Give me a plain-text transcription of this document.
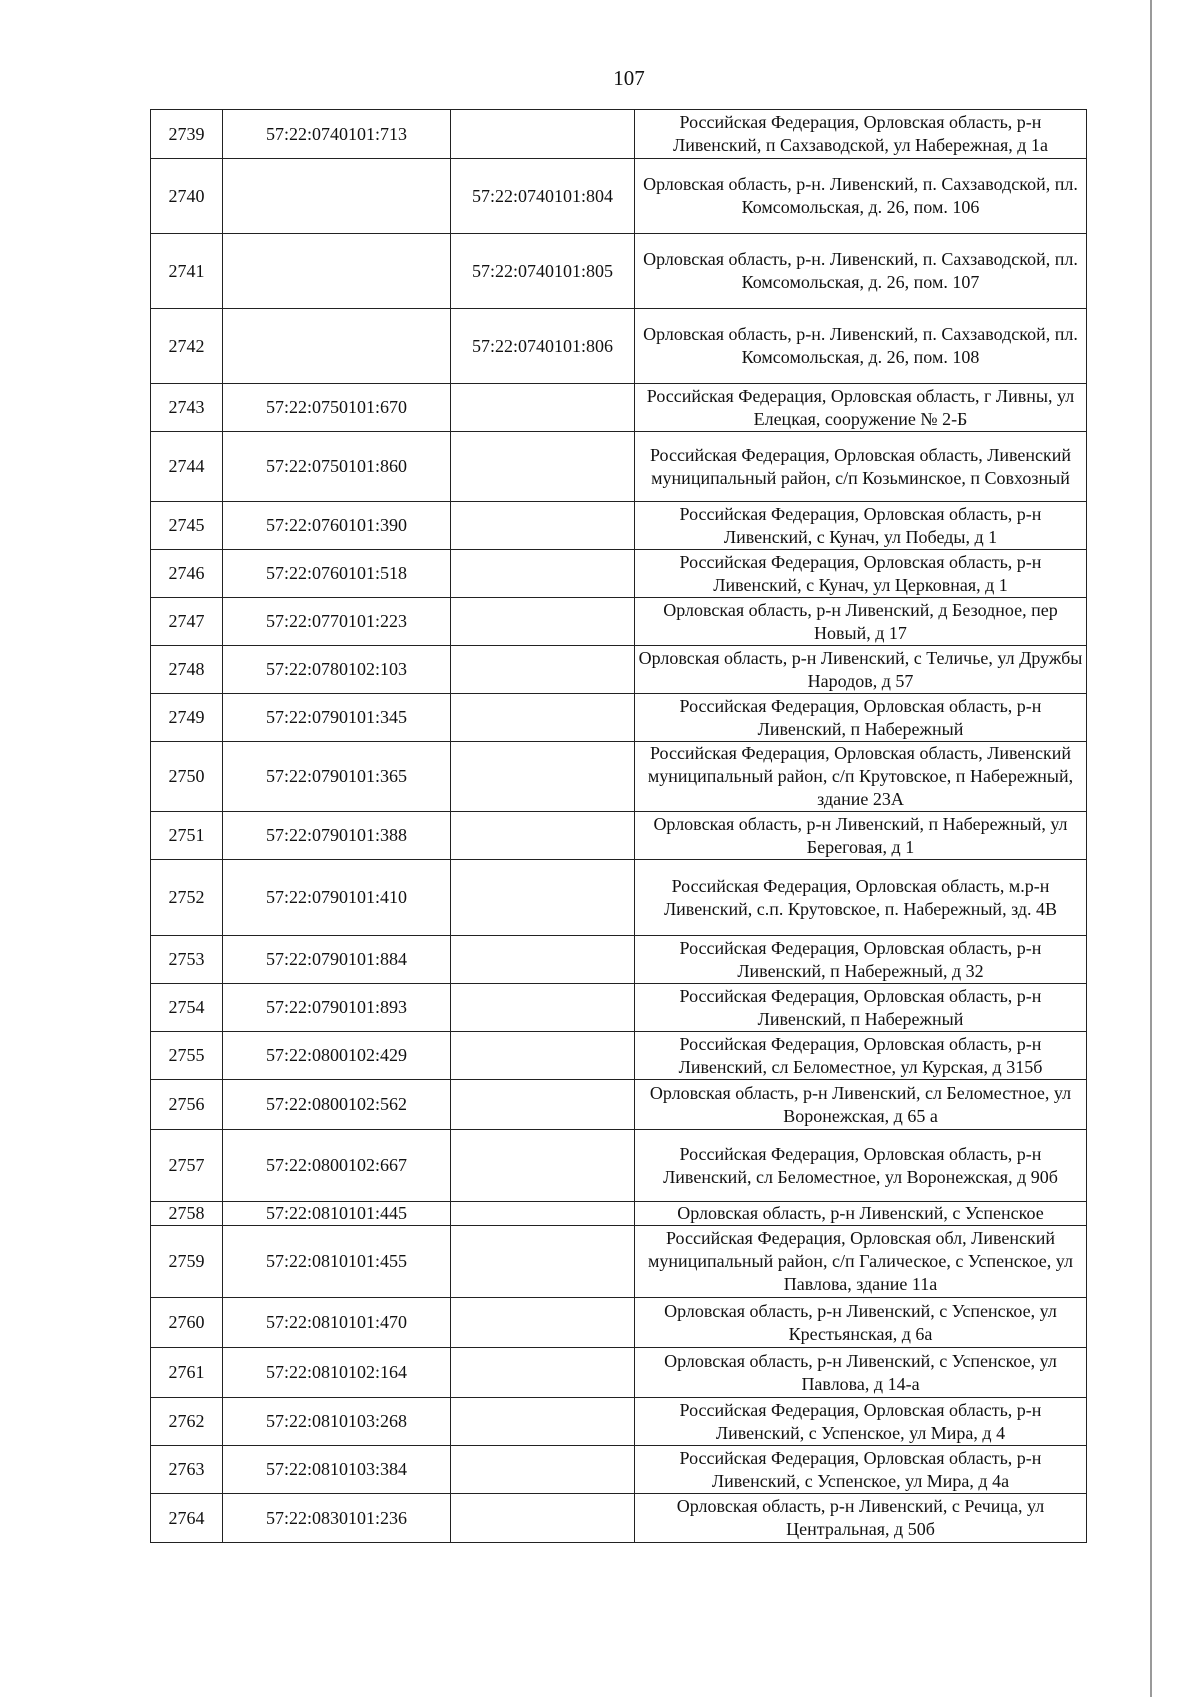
107
2739	57:22:0740101:713		Российская Федерация, Орловская область, р-н Ливенский, п Сахзаводской, ул Набережная, д 1а
2740		57:22:0740101:804	Орловская область, р-н. Ливенский, п. Сахзаводской, пл. Комсомольская, д. 26, пом. 106
2741		57:22:0740101:805	Орловская область, р-н. Ливенский, п. Сахзаводской, пл. Комсомольская, д. 26, пом. 107
2742		57:22:0740101:806	Орловская область, р-н. Ливенский, п. Сахзаводской, пл. Комсомольская, д. 26, пом. 108
2743	57:22:0750101:670		Российская Федерация, Орловская область, г Ливны, ул Елецкая, сооружение № 2-Б
2744	57:22:0750101:860		Российская Федерация, Орловская область, Ливенский муниципальный район, с/п Козьминское, п Совхозный
2745	57:22:0760101:390		Российская Федерация, Орловская область, р-н Ливенский, с Кунач, ул Победы, д 1
2746	57:22:0760101:518		Российская Федерация, Орловская область, р-н Ливенский, с Кунач, ул Церковная, д 1
2747	57:22:0770101:223		Орловская область, р-н Ливенский, д Безодное, пер Новый, д 17
2748	57:22:0780102:103		Орловская область, р-н Ливенский, с Теличье, ул Дружбы Народов, д 57
2749	57:22:0790101:345		Российская Федерация, Орловская область, р-н Ливенский, п Набережный
2750	57:22:0790101:365		Российская Федерация, Орловская область, Ливенский муниципальный район, с/п Крутовское, п Набережный, здание 23А
2751	57:22:0790101:388		Орловская область, р-н Ливенский, п Набережный, ул Береговая, д 1
2752	57:22:0790101:410		Российская Федерация, Орловская область, м.р-н Ливенский, с.п. Крутовское, п. Набережный, зд. 4В
2753	57:22:0790101:884		Российская Федерация, Орловская область, р-н Ливенский, п Набережный, д 32
2754	57:22:0790101:893		Российская Федерация, Орловская область, р-н Ливенский, п Набережный
2755	57:22:0800102:429		Российская Федерация, Орловская область, р-н Ливенский, сл Беломестное, ул Курская, д 315б
2756	57:22:0800102:562		Орловская область, р-н Ливенский, сл Беломестное, ул Воронежская, д 65 а
2757	57:22:0800102:667		Российская Федерация, Орловская область, р-н Ливенский, сл Беломестное, ул Воронежская, д 90б
2758	57:22:0810101:445		Орловская область, р-н Ливенский, с Успенское
2759	57:22:0810101:455		Российская Федерация, Орловская обл, Ливенский муниципальный район, с/п Галическое, с Успенское, ул Павлова, здание 11а
2760	57:22:0810101:470		Орловская область, р-н Ливенский, с Успенское, ул Крестьянская, д 6а
2761	57:22:0810102:164		Орловская область, р-н Ливенский, с Успенское, ул Павлова, д 14-а
2762	57:22:0810103:268		Российская Федерация, Орловская область, р-н Ливенский, с Успенское, ул Мира, д 4
2763	57:22:0810103:384		Российская Федерация, Орловская область, р-н Ливенский, с Успенское, ул Мира, д 4а
2764	57:22:0830101:236		Орловская область, р-н Ливенский, с Речица, ул Центральная, д 50б
